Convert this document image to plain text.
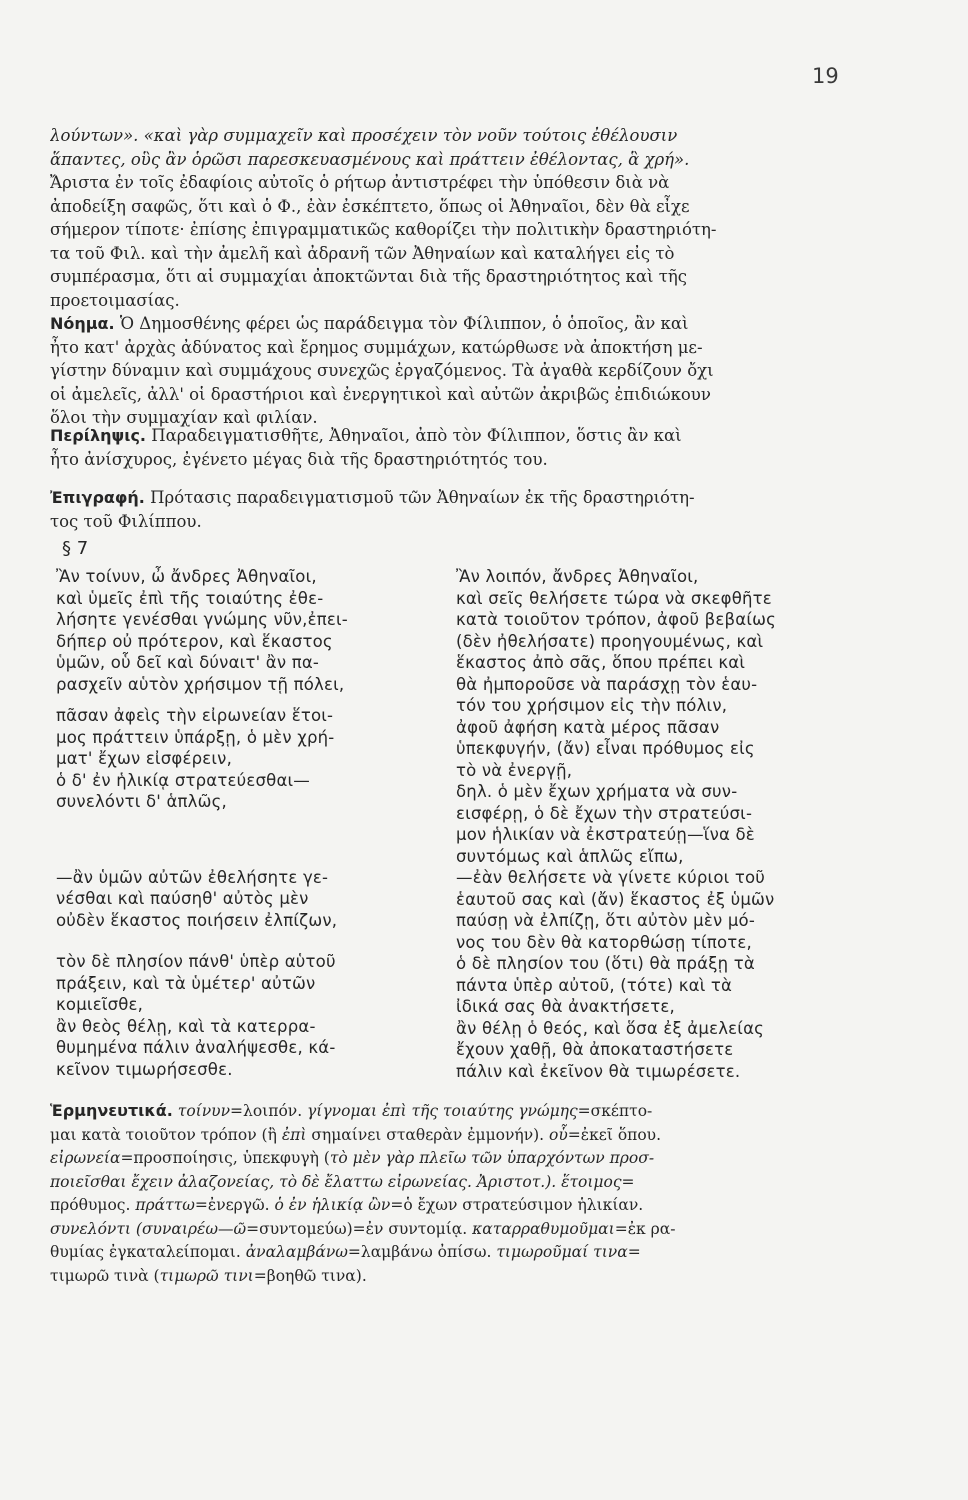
19
λούντων». «καὶ γὰρ συμμαχεῖν καὶ προσέχειν τὸν νοῦν τούτοις ἐθέλουσιν
ἅπαντες, οὓς ἂν ὁρῶσι παρεσκευασμένους καὶ πράττειν ἐθέλοντας, ἃ χρή».
Ἄριστα ἐν τοῖς ἐδαφίοις αὐτοῖς ὁ ρήτωρ ἀντιστρέφει τὴν ὑπόθεσιν διὰ νὰ
ἀποδείξη σαφῶς, ὅτι καὶ ὁ Φ., ἐὰν ἐσκέπτετο, ὅπως οἱ Ἀθηναῖοι, δὲν θὰ εἶχε
σήμερον τίποτε· ἐπίσης ἐπιγραμματικῶς καθορίζει τὴν πολιτικὴν δραστηριότη-
τα τοῦ Φιλ. καὶ τὴν ἀμελῆ καὶ ἀδρανῆ τῶν Ἀθηναίων καὶ καταλήγει εἰς τὸ
συμπέρασμα, ὅτι αἱ συμμαχίαι ἀποκτῶνται διὰ τῆς δραστηριότητος καὶ τῆς
προετοιμασίας.
Νόημα. Ὁ Δημοσθένης φέρει ὡς παράδειγμα τὸν Φίλιππον, ὁ ὁποῖος, ἂν καὶ
ἦτο κατ' ἀρχὰς ἀδύνατος καὶ ἔρημος συμμάχων, κατώρθωσε νὰ ἀποκτήση με-
γίστην δύναμιν καὶ συμμάχους συνεχῶς ἐργαζόμενος. Τὰ ἀγαθὰ κερδίζουν ὄχι
οἱ ἀμελεῖς, ἀλλ' οἱ δραστήριοι καὶ ἐνεργητικοὶ καὶ αὐτῶν ἀκριβῶς ἐπιδιώκουν
ὅλοι τὴν συμμαχίαν καὶ φιλίαν.
Περίληψις. Παραδειγματισθῆτε, Ἀθηναῖοι, ἀπὸ τὸν Φίλιππον, ὅστις ἂν καὶ
ἦτο ἀνίσχυρος, ἐγένετο μέγας διὰ τῆς δραστηριότητός του.
Ἐπιγραφή. Πρότασις παραδειγματισμοῦ τῶν Ἀθηναίων ἐκ τῆς δραστηριότη-
τος τοῦ Φιλίππου.
§ 7
Ἂν τοίνυν, ὦ ἄνδρες Ἀθηναῖοι,
καὶ ὑμεῖς ἐπὶ τῆς τοιαύτης ἐθε-
λήσητε γενέσθαι γνώμης νῦν,ἐπει-
δήπερ οὐ πρότερον, καὶ ἕκαστος
ὑμῶν, οὗ δεῖ καὶ δύναιτ' ἂν πα-
ρασχεῖν αὑτὸν χρήσιμον τῇ πόλει,
πᾶσαν ἀφεὶς τὴν εἰρωνείαν ἕτοι-
μος πράττειν ὑπάρξῃ, ὁ μὲν χρή-
ματ' ἔχων εἰσφέρειν,
ὁ δ' ἐν ἡλικίᾳ στρατεύεσθαι—
συνελόντι δ' ἁπλῶς,
—ἂν ὑμῶν αὐτῶν ἐθελήσητε γε-
νέσθαι καὶ παύσηθ' αὐτὸς μὲν
οὐδὲν ἕκαστος ποιήσειν ἐλπίζων,
τὸν δὲ πλησίον πάνθ' ὑπὲρ αὑτοῦ
πράξειν, καὶ τὰ ὑμέτερ' αὐτῶν
κομιεῖσθε,
ἂν θεὸς θέλῃ, καὶ τὰ κατερρα-
θυμημένα πάλιν ἀναλήψεσθε, κά-
κεῖνον τιμωρήσεσθε.
Ἂν λοιπόν, ἄνδρες Ἀθηναῖοι,
καὶ σεῖς θελήσετε τώρα νὰ σκεφθῆτε
κατὰ τοιοῦτον τρόπον, ἀφοῦ βεβαίως
(δὲν ἠθελήσατε) προηγουμένως, καὶ
ἕκαστος ἀπὸ σᾶς, ὅπου πρέπει καὶ
θὰ ἠμποροῦσε νὰ παράσχῃ τὸν ἑαυ-
τόν του χρήσιμον εἰς τὴν πόλιν,
ἀφοῦ ἀφήση κατὰ μέρος πᾶσαν
ὑπεκφυγήν, (ἄν) εἶναι πρόθυμος εἰς
τὸ νὰ ἐνεργῇ,
δηλ. ὁ μὲν ἔχων χρήματα νὰ συν-
εισφέρῃ, ὁ δὲ ἔχων τὴν στρατεύσι-
μον ἡλικίαν νὰ ἐκστρατεύῃ—ἵνα δὲ
συντόμως καὶ ἁπλῶς εἴπω,
—ἐὰν θελήσετε νὰ γίνετε κύριοι τοῦ
ἑαυτοῦ σας καὶ (ἄν) ἕκαστος ἐξ ὑμῶν
παύσῃ νὰ ἐλπίζῃ, ὅτι αὐτὸν μὲν μό-
νος του δὲν θὰ κατορθώσῃ τίποτε,
ὁ δὲ πλησίον του (ὅτι) θὰ πράξῃ τὰ
πάντα ὑπὲρ αὐτοῦ, (τότε) καὶ τὰ
ἰδικά σας θὰ ἀνακτήσετε,
ἂν θέλῃ ὁ θεός, καὶ ὅσα ἐξ ἀμελείας
ἔχουν χαθῇ, θὰ ἀποκαταστήσετε
πάλιν καὶ ἐκεῖνον θὰ τιμωρέσετε.
Ἑρμηνευτικά. τοίνυν=λοιπόν. γίγνομαι ἐπὶ τῆς τοιαύτης γνώμης=σκέπτο-
μαι κατὰ τοιοῦτον τρόπον (ἢ ἐπὶ σημαίνει σταθερὰν ἐμμονήν). οὗ=ἐκεῖ ὅπου.
εἰρωνεία=προσποίησις, ὑπεκφυγὴ (τὸ μὲν γὰρ πλεῖω τῶν ὑπαρχόντων προσ-
ποιεῖσθαι ἔχειν ἀλαζονείας, τὸ δὲ ἔλαττω εἰρωνείας. Ἀριστοτ.). ἕτοιμος=
πρόθυμος. πράττω=ἐνεργῶ. ὁ ἐν ἡλικίᾳ ὢν=ὁ ἔχων στρατεύσιμον ἡλικίαν.
συνελόντι (συναιρέω—ῶ=συντομεύω)=ἐν συντομίᾳ. καταρραθυμοῦμαι=ἐκ ρα-
θυμίας ἐγκαταλείπομαι. ἀναλαμβάνω=λαμβάνω ὀπίσω. τιμωροῦμαί τινα=
τιμωρῶ τινὰ (τιμωρῶ τινι=βοηθῶ τινα).
